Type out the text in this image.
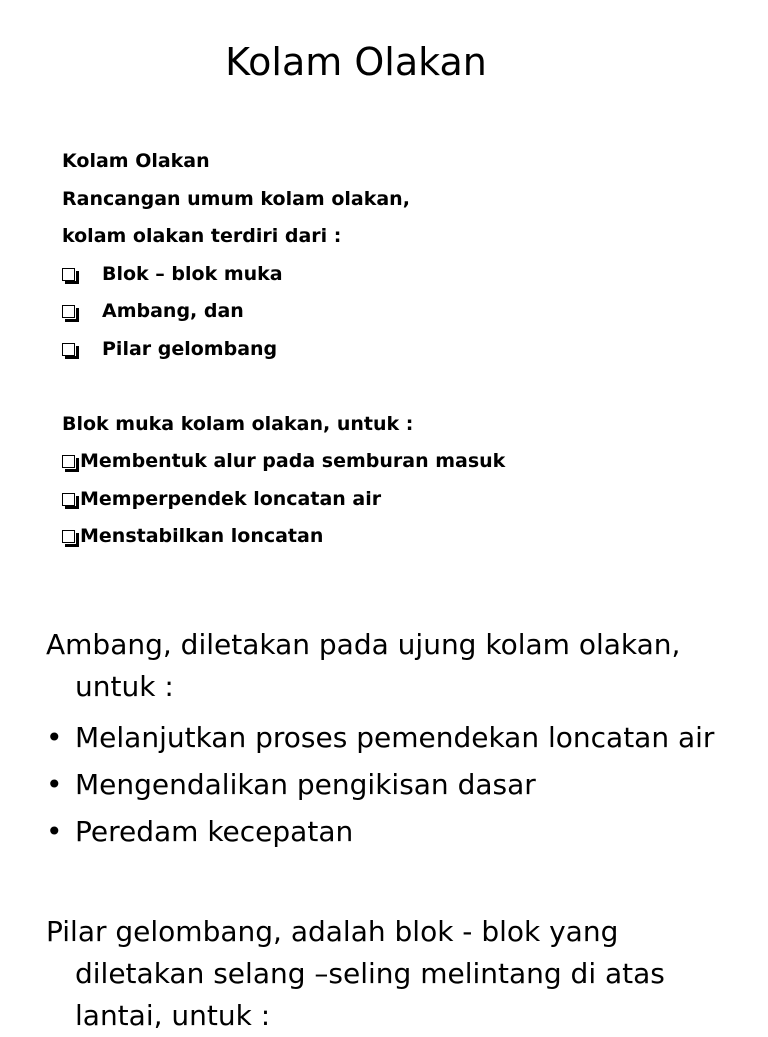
Kolam Olakan
Kolam Olakan
Rancangan umum kolam olakan,
kolam olakan terdiri dari :
Blok – blok muka
Ambang, dan
Pilar gelombang
Blok muka kolam olakan, untuk :
Membentuk alur pada semburan masuk
Memperpendek loncatan air
Menstabilkan loncatan
Ambang, diletakan pada ujung kolam olakan, untuk :
• Melanjutkan proses pemendekan loncatan air
• Mengendalikan pengikisan dasar
• Peredam kecepatan
Pilar gelombang, adalah blok - blok yang diletakan selang –seling melintang di atas lantai, untuk :
